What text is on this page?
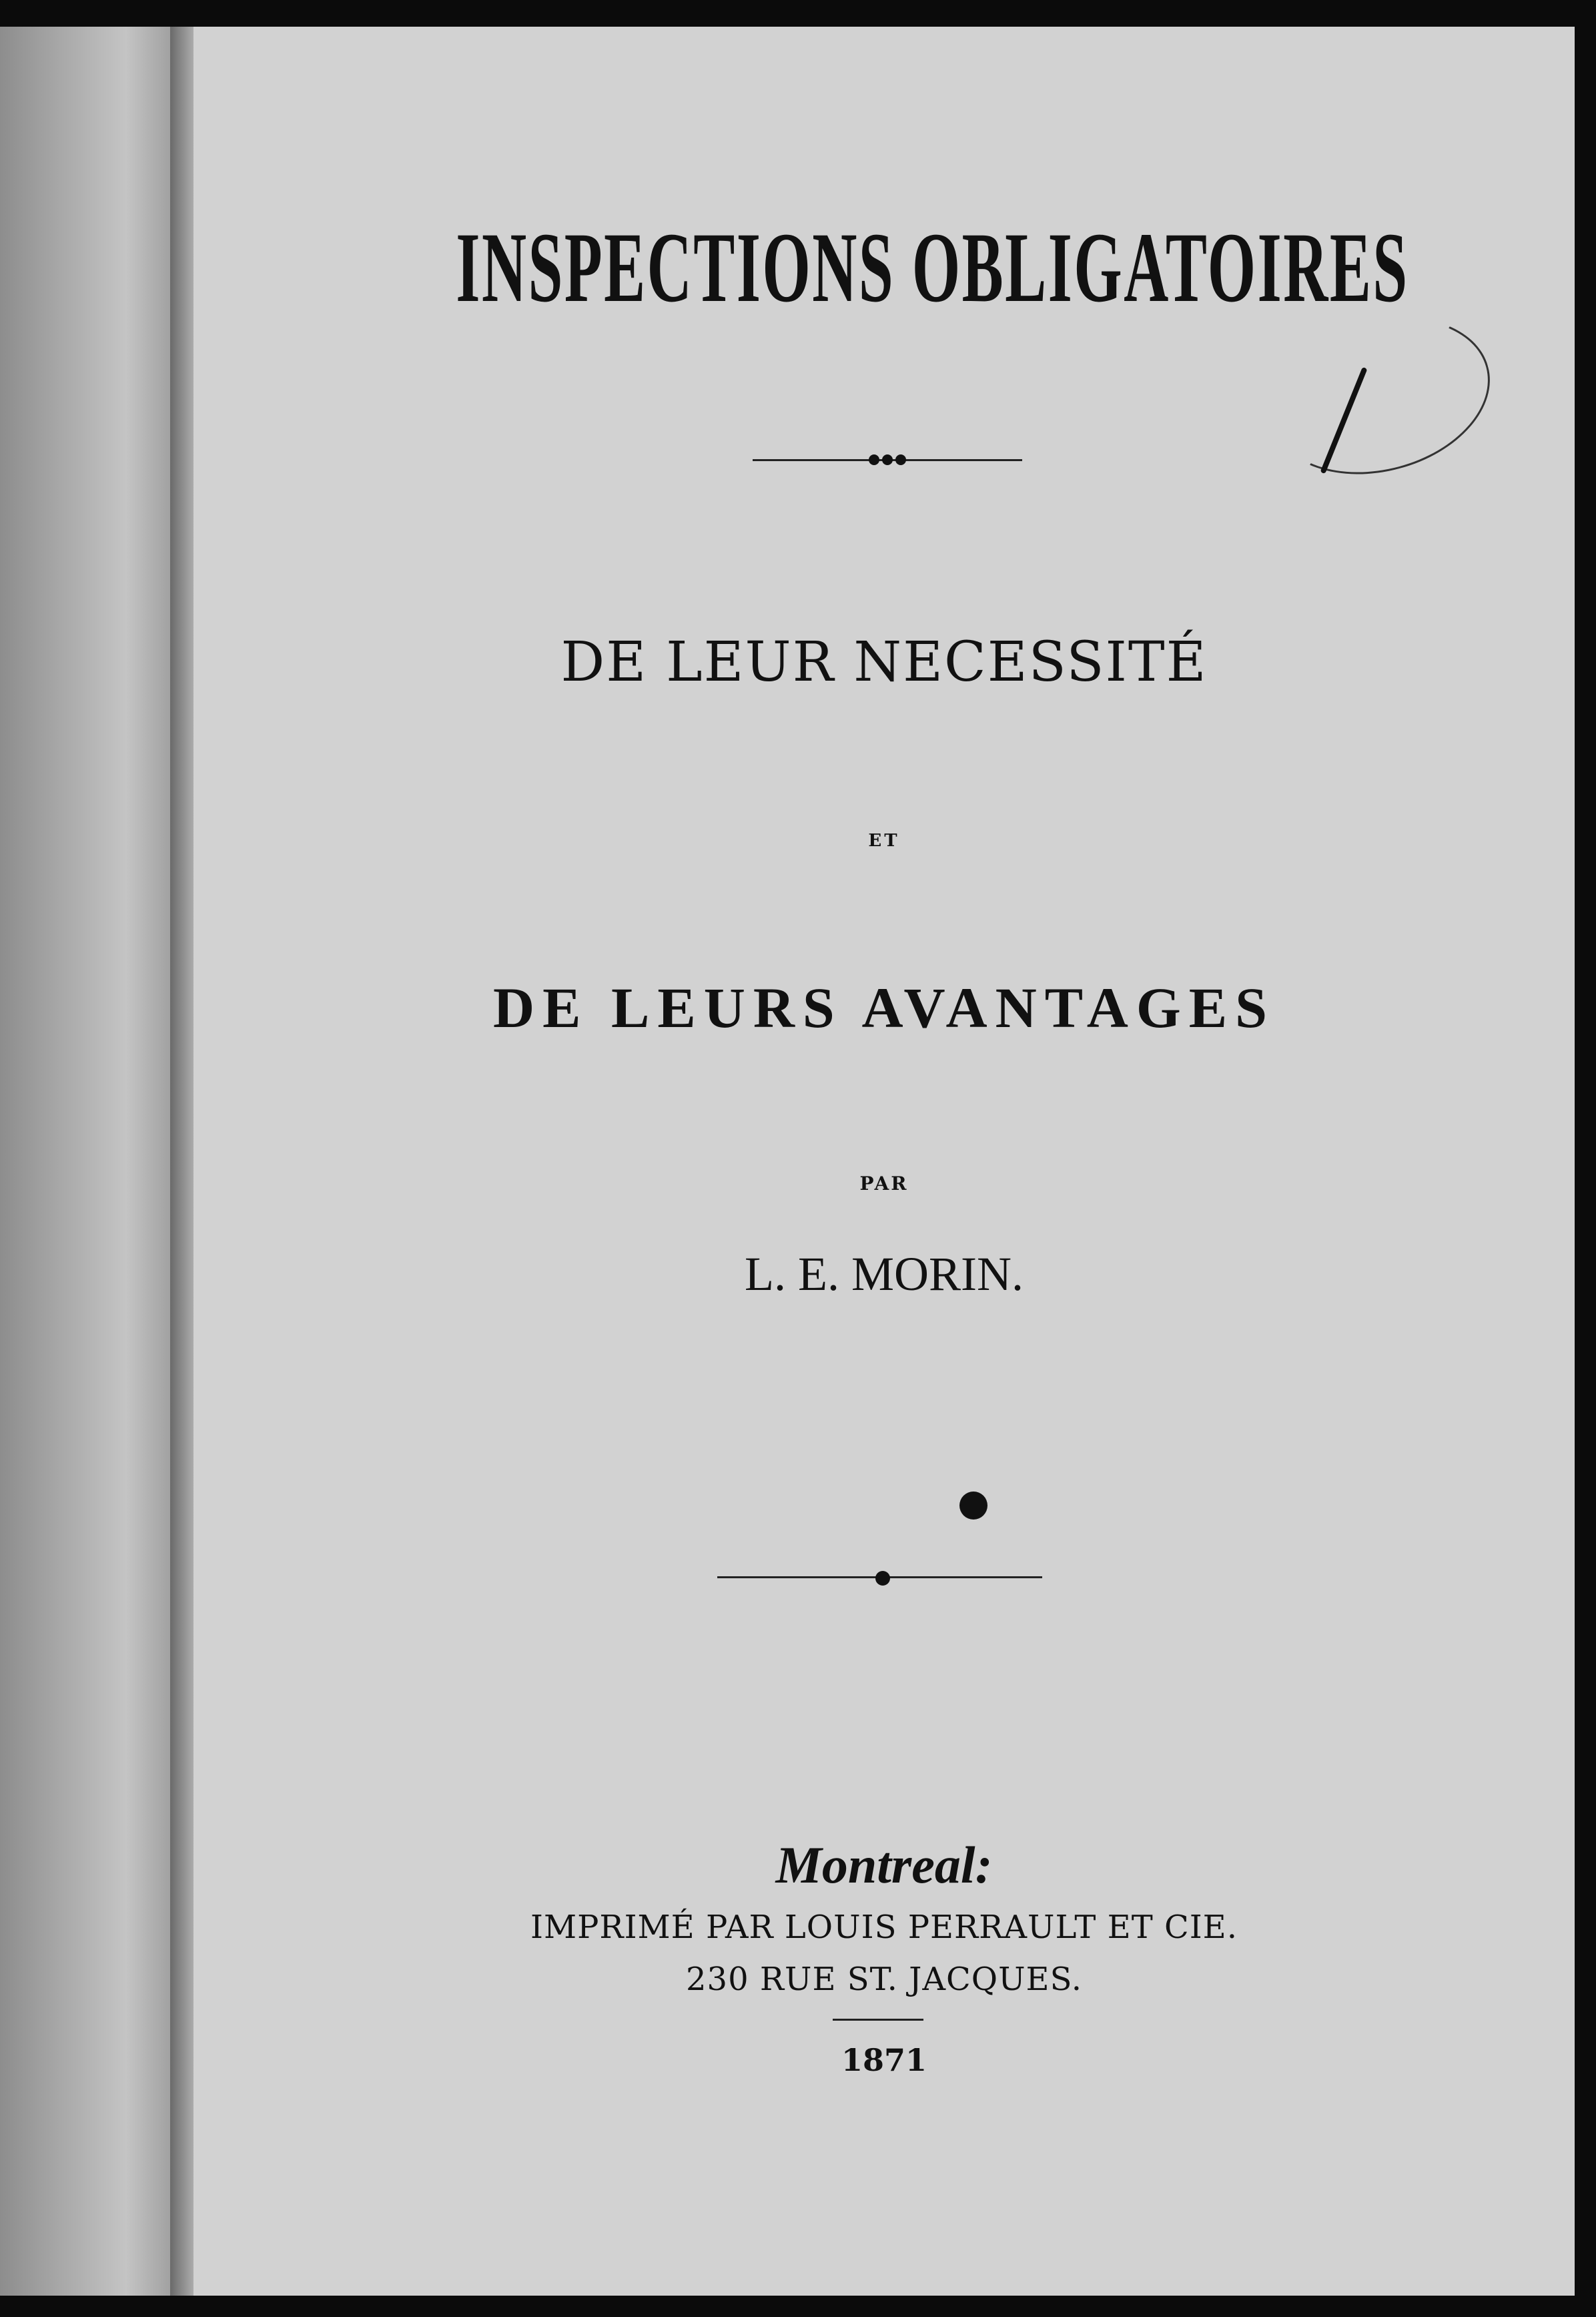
INSPECTIONS OBLIGATOIRES
DE LEUR NECESSITÉ
ET
DE LEURS AVANTAGES
PAR
L. E. MORIN.
Montreal:
IMPRIMÉ PAR LOUIS PERRAULT ET CIE.
230 RUE ST. JACQUES.
1871
